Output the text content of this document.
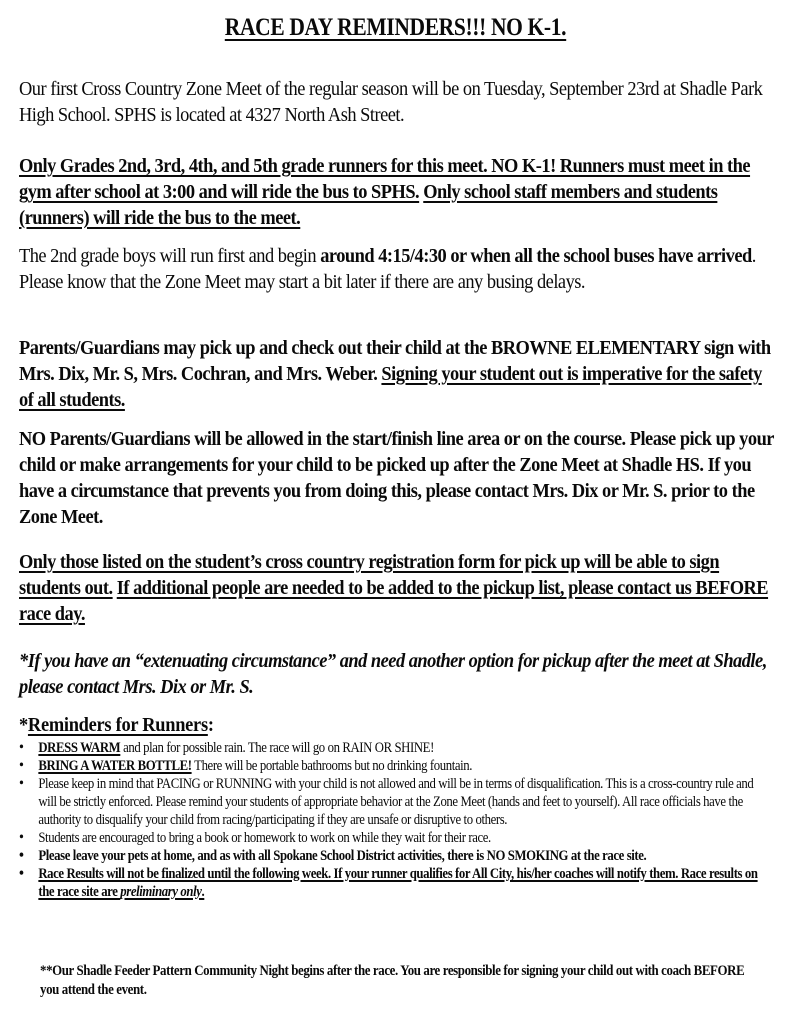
RACE DAY REMINDERS!!! NO K-1.
Our first Cross Country Zone Meet of the regular season will be on Tuesday, September 23rd at Shadle Park High School. SPHS is located at 4327 North Ash Street.
Only Grades 2nd, 3rd, 4th, and 5th grade runners for this meet. NO K-1! Runners must meet in the gym after school at 3:00 and will ride the bus to SPHS. Only school staff members and students (runners) will ride the bus to the meet.
The 2nd grade boys will run first and begin around 4:15/4:30 or when all the school buses have arrived. Please know that the Zone Meet may start a bit later if there are any busing delays.
Parents/Guardians may pick up and check out their child at the BROWNE ELEMENTARY sign with Mrs. Dix, Mr. S, Mrs. Cochran, and Mrs. Weber. Signing your student out is imperative for the safety of all students.
NO Parents/Guardians will be allowed in the start/finish line area or on the course. Please pick up your child or make arrangements for your child to be picked up after the Zone Meet at Shadle HS. If you have a circumstance that prevents you from doing this, please contact Mrs. Dix or Mr. S. prior to the Zone Meet.
Only those listed on the student’s cross country registration form for pick up will be able to sign students out. If additional people are needed to be added to the pickup list, please contact us BEFORE race day.
*If you have an “extenuating circumstance” and need another option for pickup after the meet at Shadle, please contact Mrs. Dix or Mr. S.
*Reminders for Runners:
• DRESS WARM and plan for possible rain. The race will go on RAIN OR SHINE!
• BRING A WATER BOTTLE! There will be portable bathrooms but no drinking fountain.
• Please keep in mind that PACING or RUNNING with your child is not allowed and will be in terms of disqualification. This is a cross-country rule and will be strictly enforced. Please remind your students of appropriate behavior at the Zone Meet (hands and feet to yourself). All race officials have the authority to disqualify your child from racing/participating if they are unsafe or disruptive to others.
• Students are encouraged to bring a book or homework to work on while they wait for their race.
• Please leave your pets at home, and as with all Spokane School District activities, there is NO SMOKING at the race site.
• Race Results will not be finalized until the following week. If your runner qualifies for All City, his/her coaches will notify them. Race results on the race site are preliminary only.
**Our Shadle Feeder Pattern Community Night begins after the race. You are responsible for signing your child out with coach BEFORE you attend the event.
